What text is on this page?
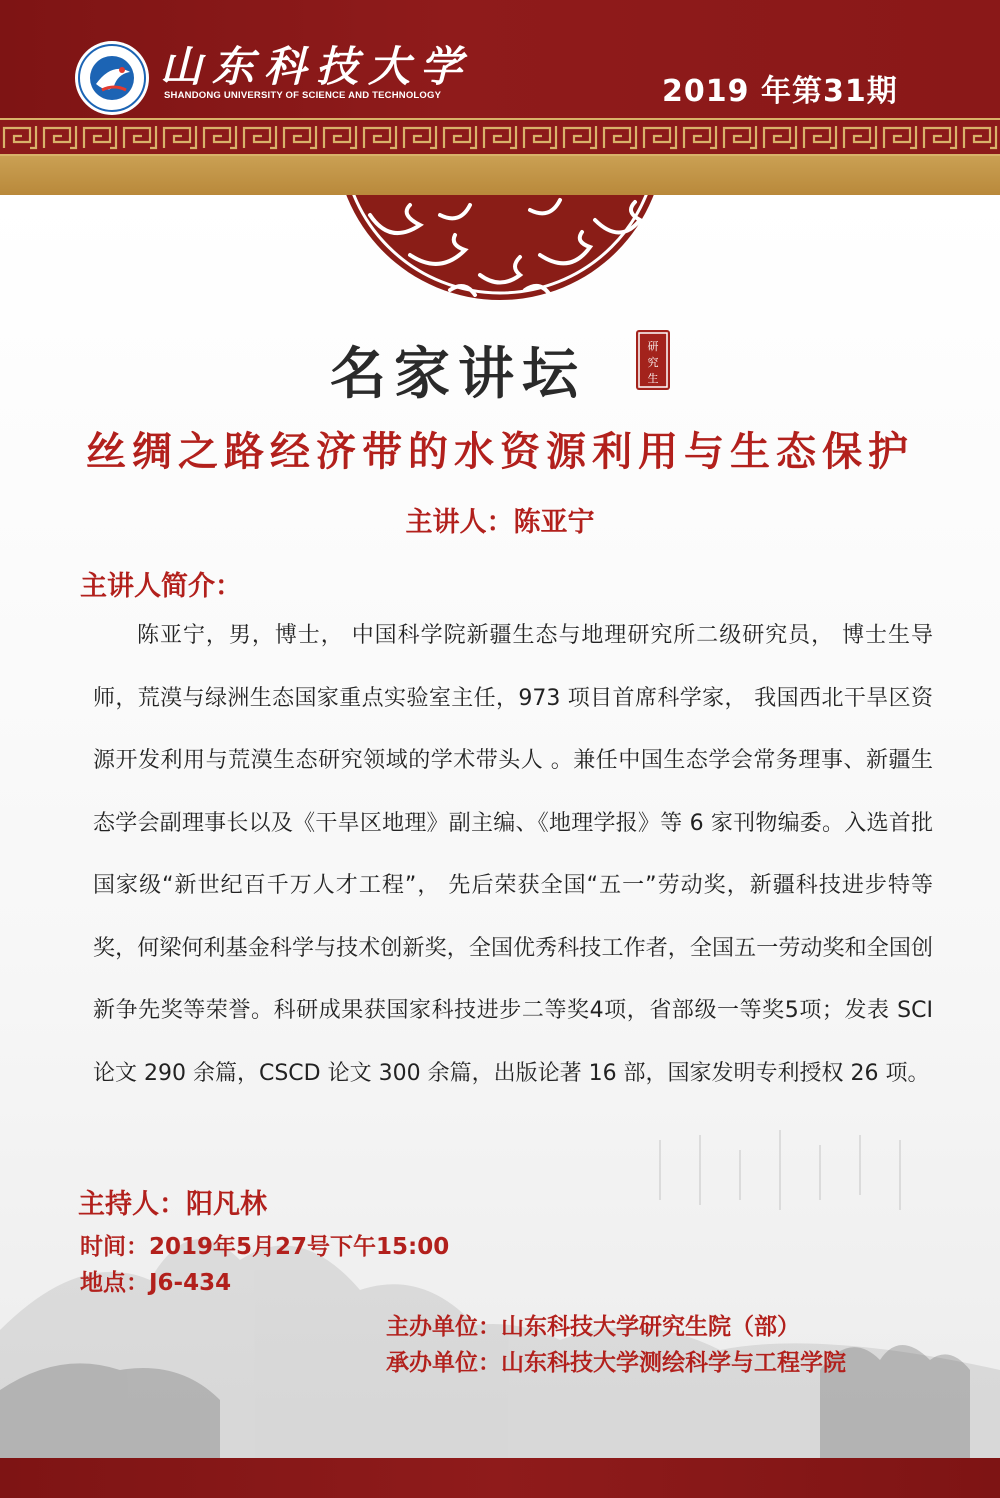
山东科技大学
SHANDONG UNIVERSITY OF SCIENCE AND TECHNOLOGY	2019 年第31期
名家讲坛	研
究
生
丝绸之路经济带的水资源利用与生态保护
主讲人：陈亚宁
主讲人简介：
陈亚宁，男，博士， 中国科学院新疆生态与地理研究所二级研究员， 博士生导师，荒漠与绿洲生态国家重点实验室主任，973 项目首席科学家， 我国西北干旱区资源开发利用与荒漠生态研究领域的学术带头人 。兼任中国生态学会常务理事、新疆生态学会副理事长以及《干旱区地理》副主编、《地理学报》等 6 家刊物编委。入选首批国家级“新世纪百千万人才工程”， 先后荣获全国“五一”劳动奖，新疆科技进步特等奖，何梁何利基金科学与技术创新奖，全国优秀科技工作者，全国五一劳动奖和全国创新争先奖等荣誉。科研成果获国家科技进步二等奖4项，省部级一等奖5项；发表 SCI 论文 290 余篇，CSCD 论文 300 余篇，出版论著 16 部，国家发明专利授权 26 项。
主持人：阳凡林
时间：2019年5月27号下午15:00
地点：J6-434
主办单位：山东科技大学研究生院（部）
承办单位：山东科技大学测绘科学与工程学院
